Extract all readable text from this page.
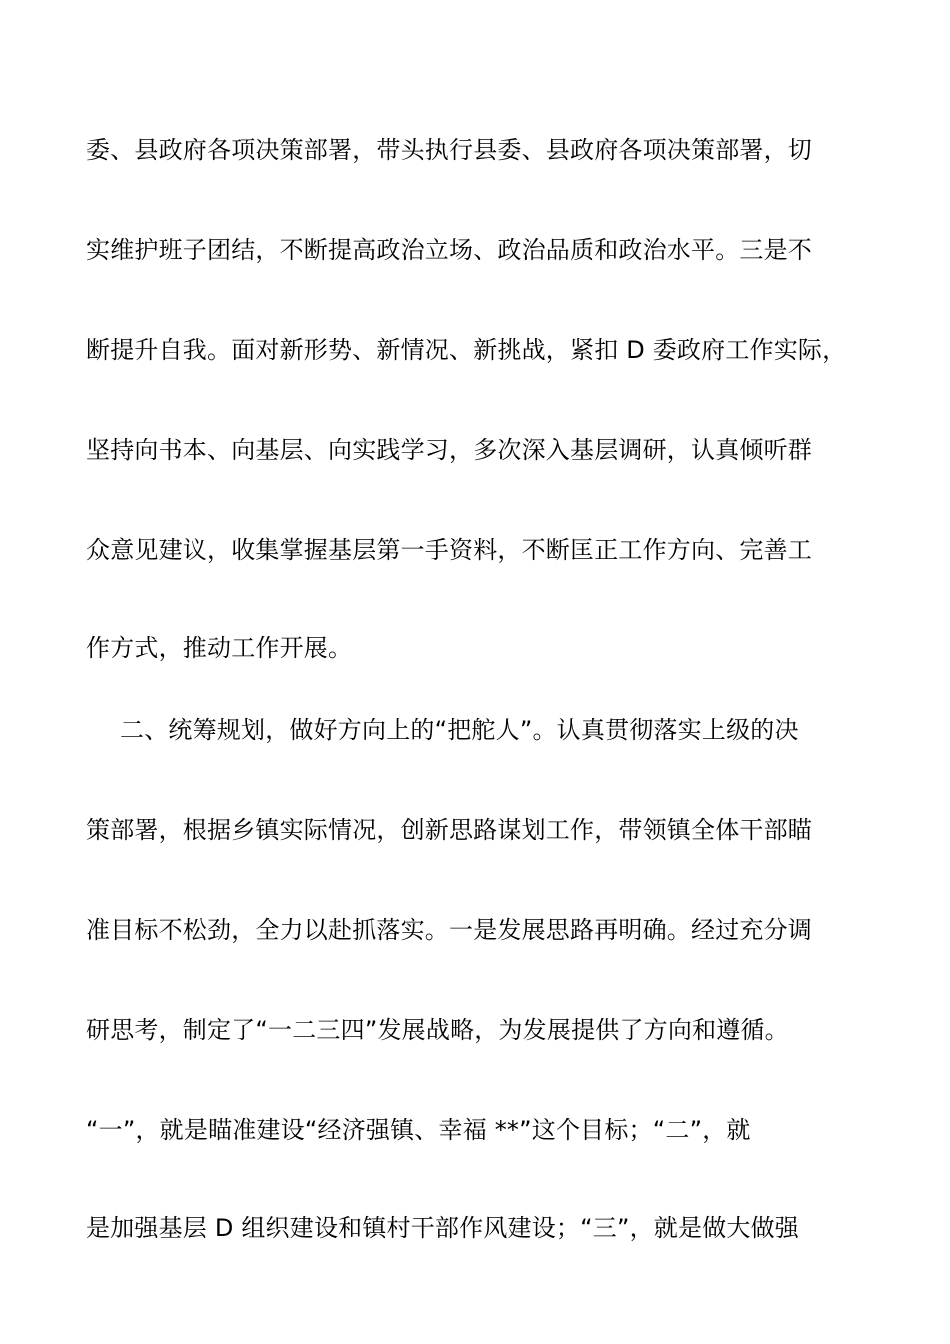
委、县政府各项决策部署，带头执行县委、县政府各项决策部署，切
实维护班子团结，不断提高政治立场、政治品质和政治水平。三是不
断提升自我。面对新形势、新情况、新挑战，紧扣 D 委政府工作实际，
坚持向书本、向基层、向实践学习，多次深入基层调研，认真倾听群
众意见建议，收集掌握基层第一手资料，不断匡正工作方向、完善工
作方式，推动工作开展。
二、统筹规划，做好方向上的“把舵人”。认真贯彻落实上级的决
策部署，根据乡镇实际情况，创新思路谋划工作，带领镇全体干部瞄
准目标不松劲，全力以赴抓落实。一是发展思路再明确。经过充分调
研思考，制定了“一二三四”发展战略，为发展提供了方向和遵循。
“一”，就是瞄准建设“经济强镇、幸福 **”这个目标；“二”，就
是加强基层 D 组织建设和镇村干部作风建设；“三”，就是做大做强
